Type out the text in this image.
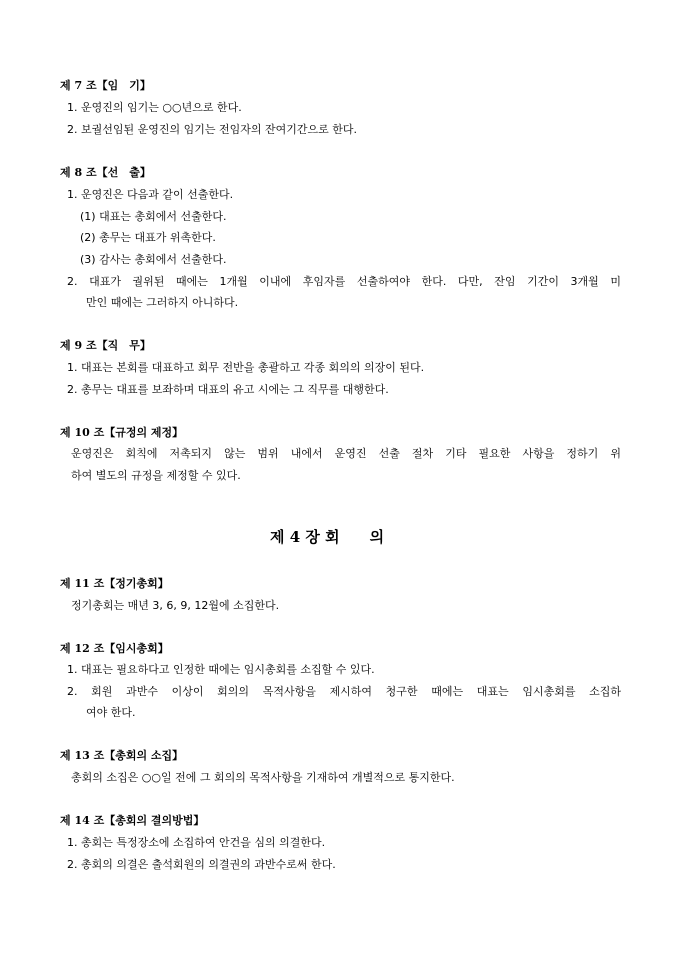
제 7 조【임　기】
1. 운영진의 임기는 ○○년으로 한다.
2. 보궐선임된 운영진의 임기는 전임자의 잔여기간으로 한다.
제 8 조【선　출】
1. 운영진은 다음과 같이 선출한다.
(1) 대표는 총회에서 선출한다.
(2) 총무는 대표가 위촉한다.
(3) 감사는 총회에서 선출한다.
2. 대표가 궐위된 때에는 1개월 이내에 후임자를 선출하여야 한다. 다만, 잔임 기간이 3개월 미
만인 때에는 그러하지 아니하다.
제 9 조【직　무】
1. 대표는 본회를 대표하고 회무 전반을 총괄하고 각종 회의의 의장이 된다.
2. 총무는 대표를 보좌하며 대표의 유고 시에는 그 직무를 대행한다.
제 10 조【규정의 제정】
운영진은 회칙에 저촉되지 않는 범위 내에서 운영진 선출 절차 기타 필요한 사항을 정하기 위
하여 별도의 규정을 제정할 수 있다.
제 4 장 회　　의
제 11 조【정기총회】
정기총회는 매년 3, 6, 9, 12월에 소집한다.
제 12 조【임시총회】
1. 대표는 필요하다고 인정한 때에는 임시총회를 소집할 수 있다.
2. 회원 과반수 이상이 회의의 목적사항을 제시하여 청구한 때에는 대표는 임시총회를 소집하
여야 한다.
제 13 조【총회의 소집】
총회의 소집은 ○○일 전에 그 회의의 목적사항을 기재하여 개별적으로 통지한다.
제 14 조【총회의 결의방법】
1. 총회는 특정장소에 소집하여 안건을 심의 의결한다.
2. 총회의 의결은 출석회원의 의결권의 과반수로써 한다.
